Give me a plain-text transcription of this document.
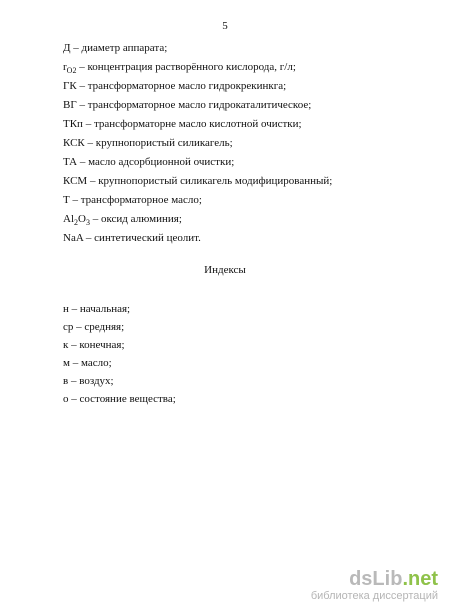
5
Д – диаметр аппарата;
$r_{O2}$ – концентрация растворённого кислорода, г/л;
ГК – трансформаторное масло гидрокрекинкга;
ВГ – трансформаторное масло гидрокаталитическое;
ТКп – трансформаторне масло кислотной очистки;
КСК – крупнопористый силикагель;
ТА – масло адсорбционной очистки;
КСМ – крупнопористый силикагель модифицированный;
Т – трансформаторное масло;
$Al_2O_3$ – оксид алюминия;
NaA – синтетический цеолит.
Индексы
н – начальная;
ср – средняя;
к – конечная;
м – масло;
в – воздух;
о – состояние вещества;
dsLib.net
библиотека диссертаций
